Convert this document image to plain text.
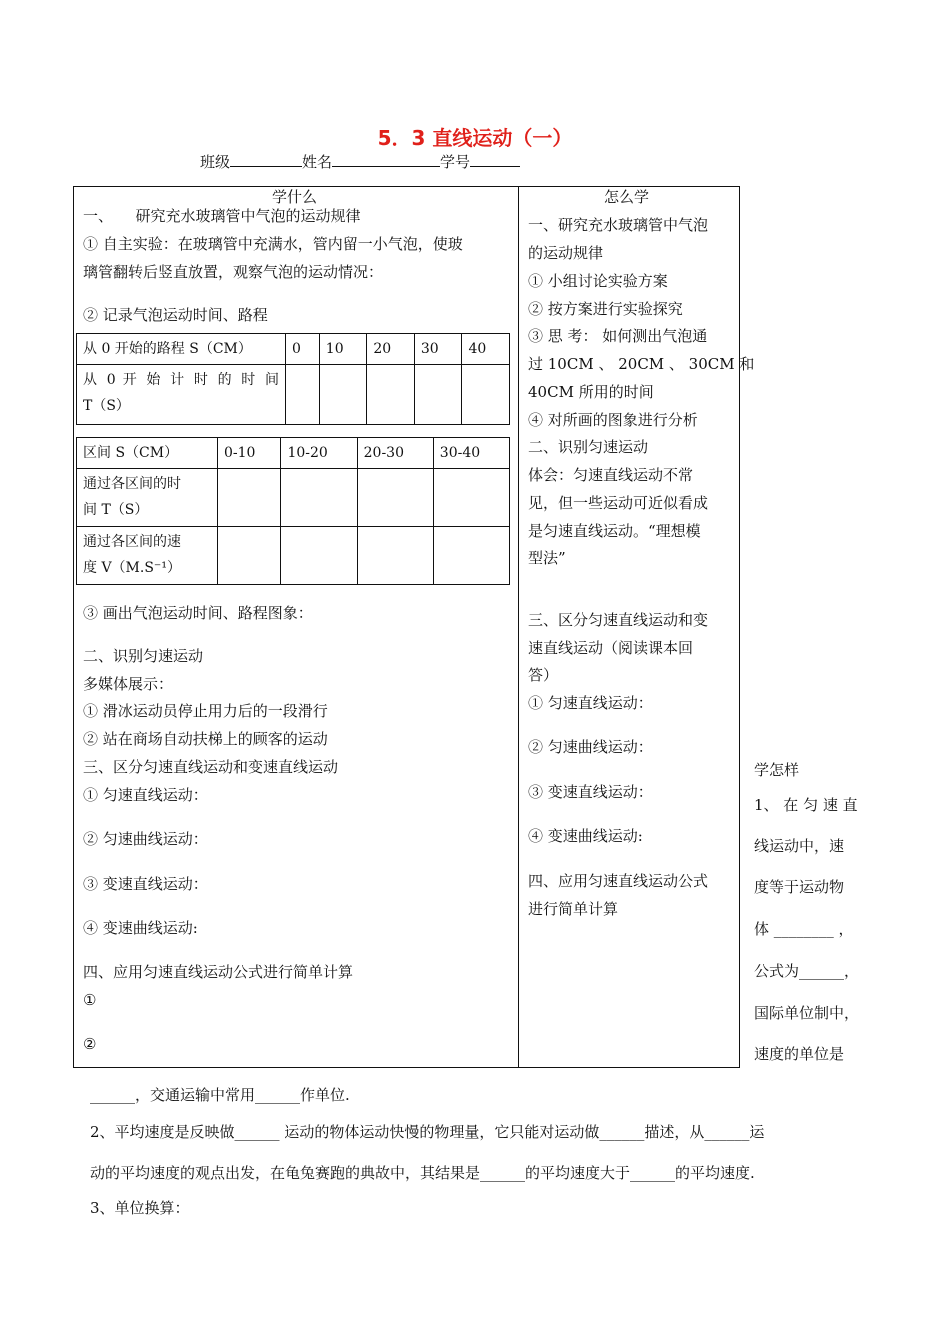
5．3 直线运动（一）
班级	姓名	学号
学什么
一、　　研究充水玻璃管中气泡的运动规律
① 自主实验：在玻璃管中充满水，管内留一小气泡，使玻
璃管翻转后竖直放置，观察气泡的运动情况：
② 记录气泡运动时间、路程
从 0 开始的路程 S（CM）	0	10	20	30	40

从 0 开 始 计 时 的 时 间
T（S）					

区间 S（CM）	0-10	10-20	20-30	30-40

通过各区间的时
间 T（S）				

通过各区间的速
度 V（M.S⁻¹）				

③ 画出气泡运动时间、路程图象：
二、识别匀速运动
多媒体展示：
① 滑冰运动员停止用力后的一段滑行
② 站在商场自动扶梯上的顾客的运动
三、区分匀速直线运动和变速直线运动
① 匀速直线运动：
② 匀速曲线运动：
③ 变速直线运动：
④ 变速曲线运动:
四、应用匀速直线运动公式进行简单计算
①
②
怎么学
一、研究充水玻璃管中气泡
的运动规律
① 小组讨论实验方案
② 按方案进行实验探究
③ 思 考： 如何测出气泡通
过 10CM 、 20CM 、 30CM 和
40CM 所用的时间
④ 对所画的图象进行分析
二、识别匀速运动
体会：匀速直线运动不常
见，但一些运动可近似看成
是匀速直线运动。“理想模
型法”
三、区分匀速直线运动和变
速直线运动（阅读课本回
答）
① 匀速直线运动：
② 匀速曲线运动：
③ 变速直线运动：
④ 变速曲线运动:
四、应用匀速直线运动公式
进行简单计算
学怎样
1、 在 匀 速 直
线运动中，速
度等于运动物
体 ________ ，
公式为______，
国际单位制中，
速度的单位是
______，交通运输中常用______作单位.
2、平均速度是反映做______ 运动的物体运动快慢的物理量，它只能对运动做______描述，从______运
动的平均速度的观点出发，在龟兔赛跑的典故中，其结果是______的平均速度大于______的平均速度.
3、单位换算：
